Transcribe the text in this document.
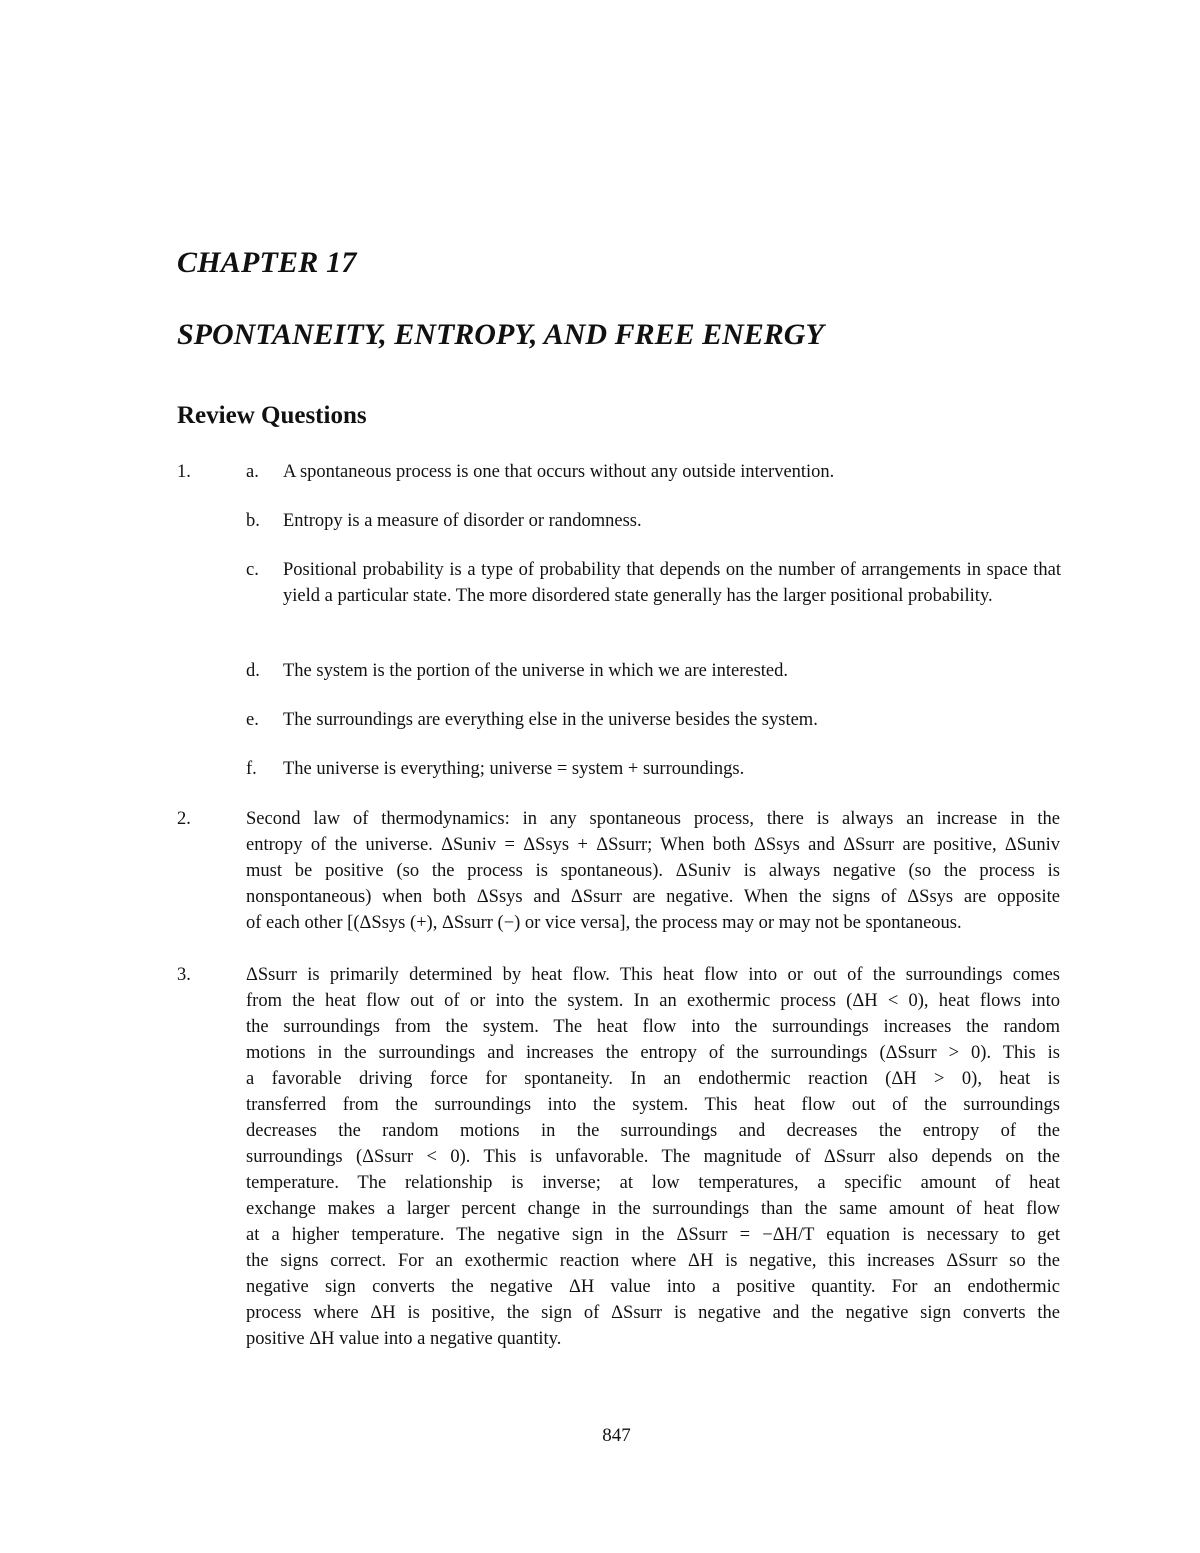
CHAPTER 17
SPONTANEITY, ENTROPY, AND FREE ENERGY
Review Questions
1.	a. A spontaneous process is one that occurs without any outside intervention.
b. Entropy is a measure of disorder or randomness.
c. Positional probability is a type of probability that depends on the number of arrangements in space that yield a particular state. The more disordered state generally has the larger positional probability.
d. The system is the portion of the universe in which we are interested.
e. The surroundings are everything else in the universe besides the system.
f. The universe is everything; universe = system + surroundings.
2.	Second law of thermodynamics: in any spontaneous process, there is always an increase in the
entropy of the universe. ΔSuniv = ΔSsys + ΔSsurr; When both ΔSsys and ΔSsurr are positive, ΔSuniv
must be positive (so the process is spontaneous). ΔSuniv is always negative (so the process is
nonspontaneous) when both ΔSsys and ΔSsurr are negative. When the signs of ΔSsys are opposite
of each other [(ΔSsys (+), ΔSsurr (−) or vice versa], the process may or may not be spontaneous.
3.	ΔSsurr is primarily determined by heat flow. This heat flow into or out of the surroundings comes
from the heat flow out of or into the system. In an exothermic process (ΔH < 0), heat flows into
the surroundings from the system. The heat flow into the surroundings increases the random
motions in the surroundings and increases the entropy of the surroundings (ΔSsurr > 0). This is
a favorable driving force for spontaneity. In an endothermic reaction (ΔH > 0), heat is
transferred from the surroundings into the system. This heat flow out of the surroundings
decreases the random motions in the surroundings and decreases the entropy of the
surroundings (ΔSsurr < 0). This is unfavorable. The magnitude of ΔSsurr also depends on the
temperature. The relationship is inverse; at low temperatures, a specific amount of heat
exchange makes a larger percent change in the surroundings than the same amount of heat flow
at a higher temperature. The negative sign in the ΔSsurr = −ΔH/T equation is necessary to get
the signs correct. For an exothermic reaction where ΔH is negative, this increases ΔSsurr so the
negative sign converts the negative ΔH value into a positive quantity. For an endothermic
process where ΔH is positive, the sign of ΔSsurr is negative and the negative sign converts the
positive ΔH value into a negative quantity.
847
